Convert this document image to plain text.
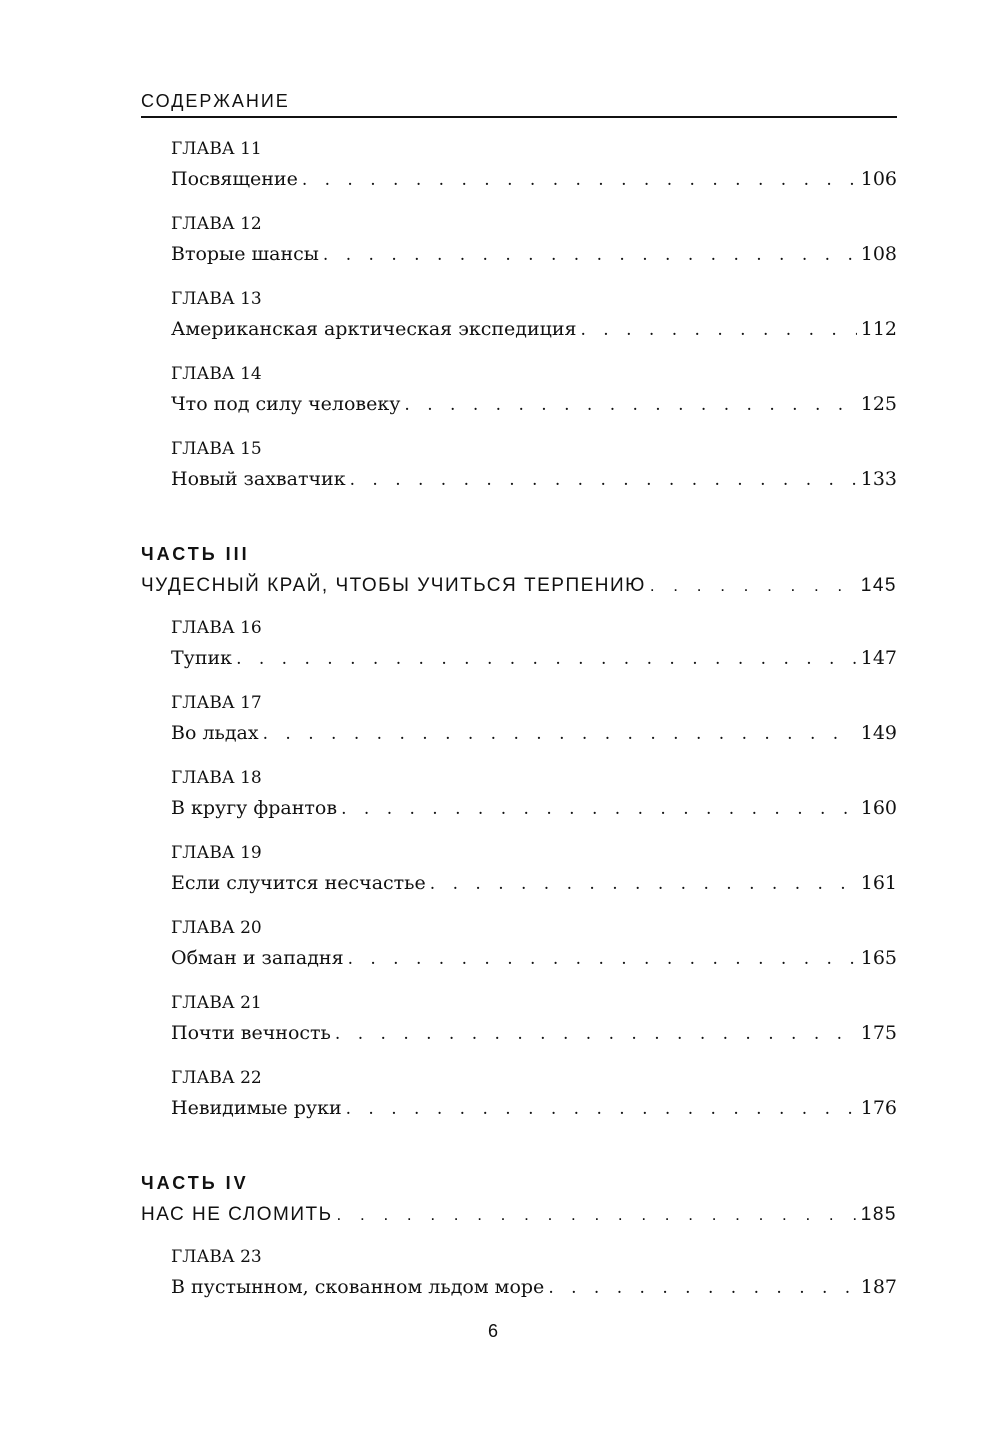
СОДЕРЖАНИЕ
ГЛАВА 11
Посвящение . . .	106
ГЛАВА 12
Вторые шансы . . .	108
ГЛАВА 13
Американская арктическая экспедиция . . .	112
ГЛАВА 14
Что под силу человеку . . .	125
ГЛАВА 15
Новый захватчик . . .	133
ЧАСТЬ III
ЧУДЕСНЫЙ КРАЙ, ЧТОБЫ УЧИТЬСЯ ТЕРПЕНИЮ . . .	145
ГЛАВА 16
Тупик . . .	147
ГЛАВА 17
Во льдах . . .	149
ГЛАВА 18
В кругу франтов . . .	160
ГЛАВА 19
Если случится несчастье . . .	161
ГЛАВА 20
Обман и западня . . .	165
ГЛАВА 21
Почти вечность . . .	175
ГЛАВА 22
Невидимые руки . . .	176
ЧАСТЬ IV
НАС НЕ СЛОМИТЬ . . .	185
ГЛАВА 23
В пустынном, скованном льдом море . . .	187
6
